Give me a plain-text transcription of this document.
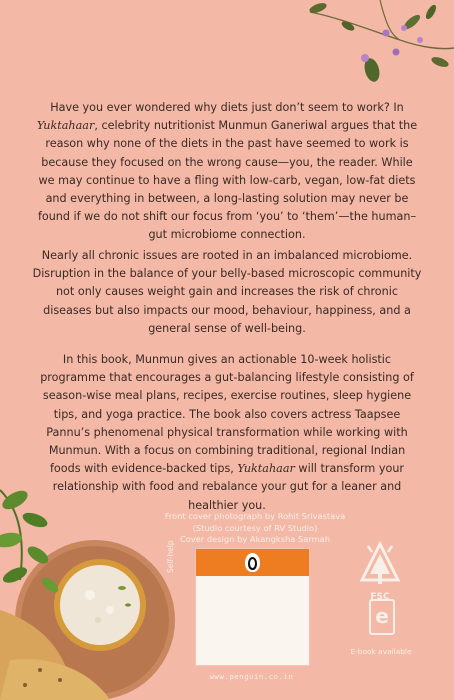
Have you ever wondered why diets just don’t seem to work? In Yuktahaar, celebrity nutritionist Munmun Ganeriwal argues that the reason why none of the diets in the past have seemed to work is because they focused on the wrong cause—you, the reader. While we may continue to have a fling with low-carb, vegan, low-fat diets and everything in between, a long-lasting solution may never be found if we do not shift our focus from ‘you’ to ‘them’—the human–gut microbiome connection.

Nearly all chronic issues are rooted in an imbalanced microbiome. Disruption in the balance of your belly-based microscopic community not only causes weight gain and increases the risk of chronic diseases but also impacts our mood, behaviour, happiness, and a general sense of well-being.

In this book, Munmun gives an actionable 10-week holistic programme that encourages a gut-balancing lifestyle consisting of season-wise meal plans, recipes, exercise routines, sleep hygiene tips, and yoga practice. The book also covers actress Taapsee Pannu’s phenomenal physical transformation while working with Munmun. With a focus on combining traditional, regional Indian foods with evidence-backed tips, Yuktahaar will transform your relationship with food and rebalance your gut for a leaner and healthier you.

Front cover photograph by Rohit Srivastava
(Studio courtesy of RV Studio)
Cover design by Akangksha Sarmah
Self-help
www.penguin.co.in
FSC
e
E-book available
